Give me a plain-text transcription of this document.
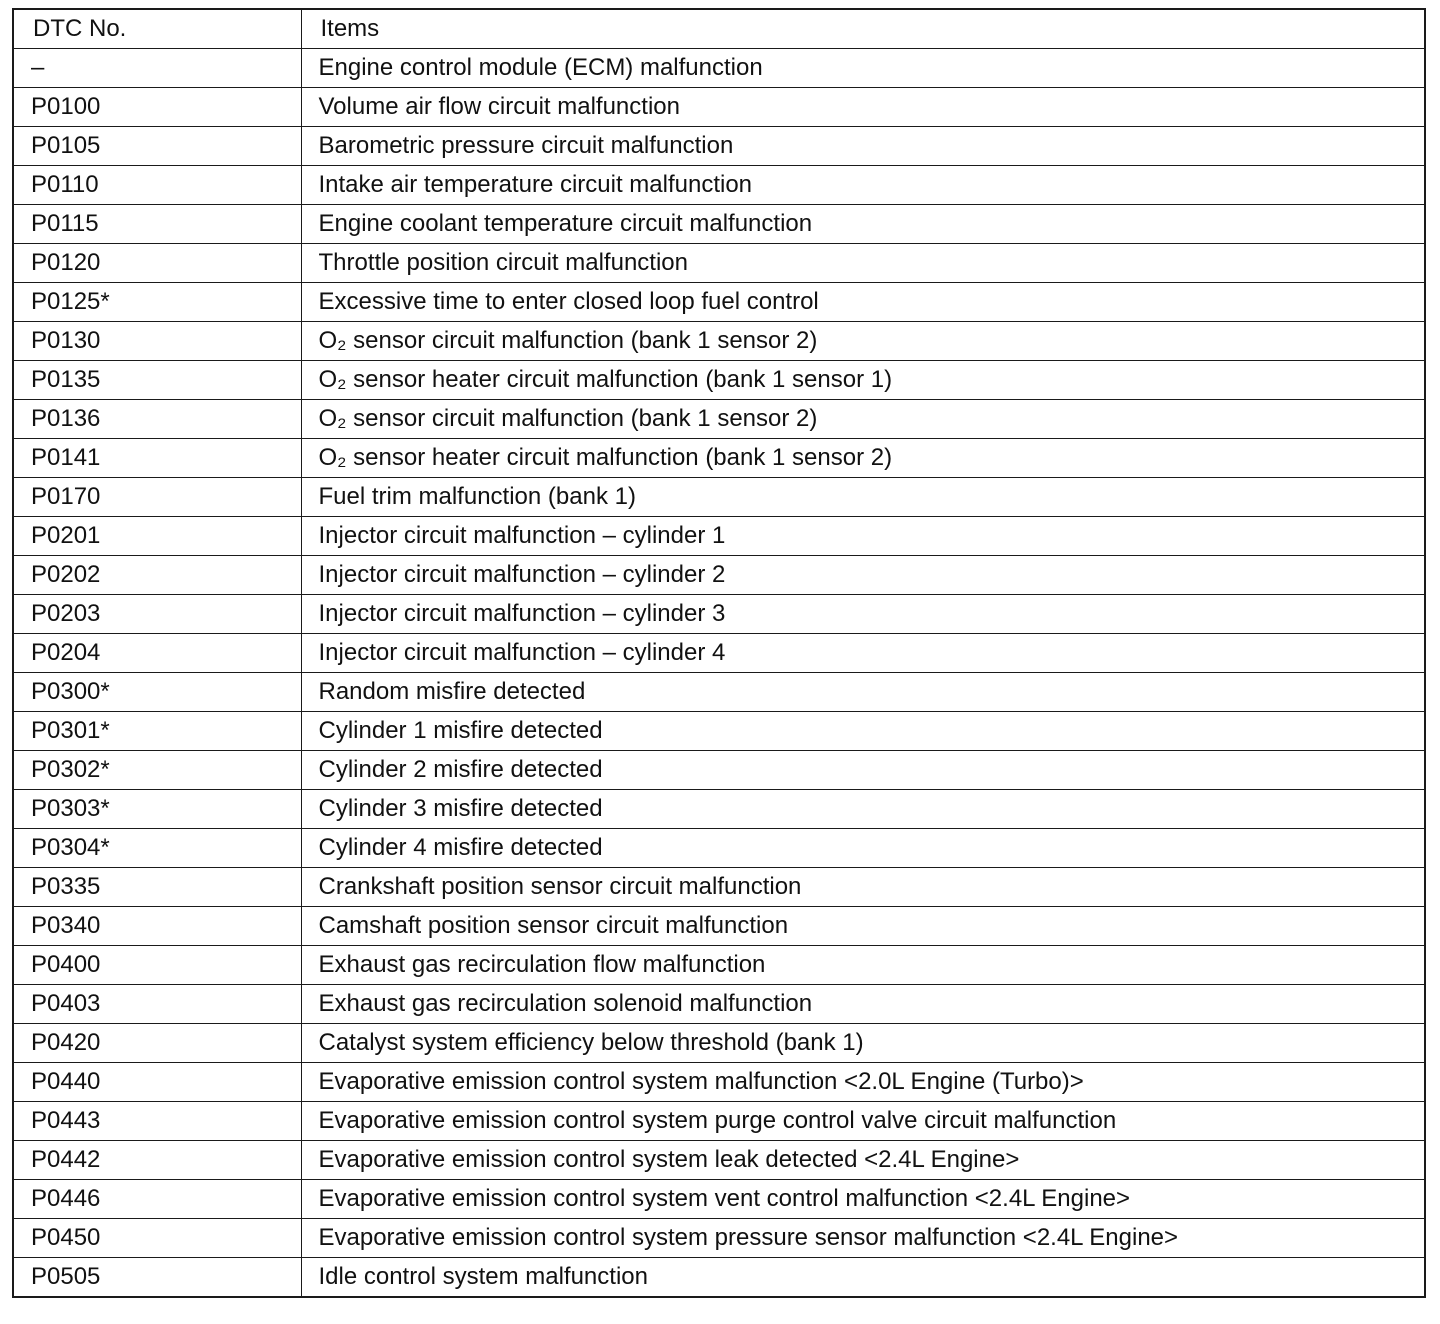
DTC No.	Items
–	Engine control module (ECM) malfunction
P0100	Volume air flow circuit malfunction
P0105	Barometric pressure circuit malfunction
P0110	Intake air temperature circuit malfunction
P0115	Engine coolant temperature circuit malfunction
P0120	Throttle position circuit malfunction
P0125*	Excessive time to enter closed loop fuel control
P0130	O₂ sensor circuit malfunction (bank 1 sensor 2)
P0135	O₂ sensor heater circuit malfunction (bank 1 sensor 1)
P0136	O₂ sensor circuit malfunction (bank 1 sensor 2)
P0141	O₂ sensor heater circuit malfunction (bank 1 sensor 2)
P0170	Fuel trim malfunction (bank 1)
P0201	Injector circuit malfunction – cylinder 1
P0202	Injector circuit malfunction – cylinder 2
P0203	Injector circuit malfunction – cylinder 3
P0204	Injector circuit malfunction – cylinder 4
P0300*	Random misfire detected
P0301*	Cylinder 1 misfire detected
P0302*	Cylinder 2 misfire detected
P0303*	Cylinder 3 misfire detected
P0304*	Cylinder 4 misfire detected
P0335	Crankshaft position sensor circuit malfunction
P0340	Camshaft position sensor circuit malfunction
P0400	Exhaust gas recirculation flow malfunction
P0403	Exhaust gas recirculation solenoid malfunction
P0420	Catalyst system efficiency below threshold (bank 1)
P0440	Evaporative emission control system malfunction <2.0L Engine (Turbo)>
P0443	Evaporative emission control system purge control valve circuit malfunction
P0442	Evaporative emission control system leak detected <2.4L Engine>
P0446	Evaporative emission control system vent control malfunction <2.4L Engine>
P0450	Evaporative emission control system pressure sensor malfunction <2.4L Engine>
P0505	Idle control system malfunction
